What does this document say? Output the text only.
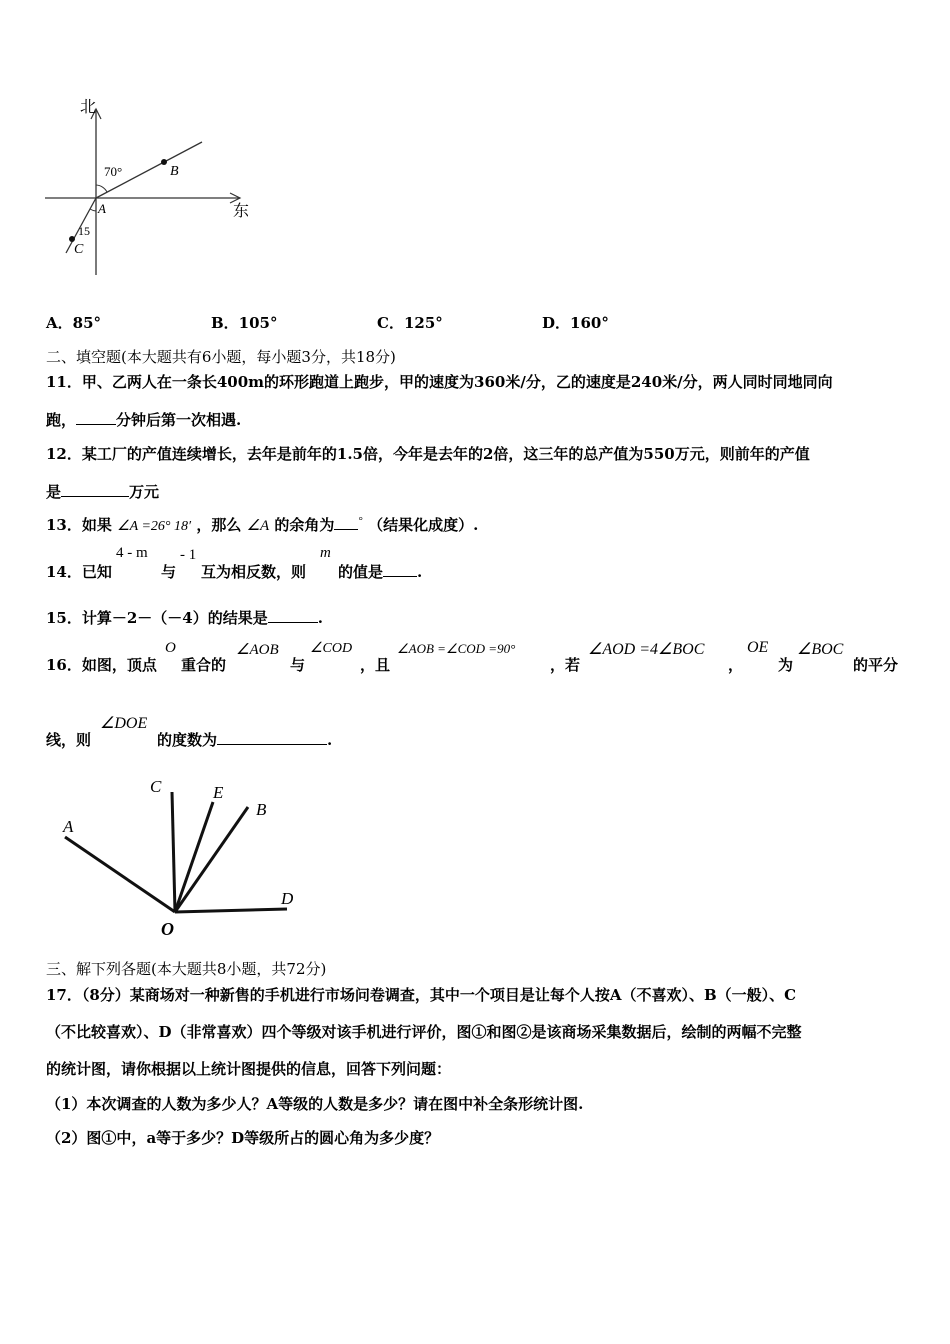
北
东
70°
15
A
B
C
A．85°	B．105°	C．125°	D．160°
二、填空题(本大题共有6小题，每小题3分，共18分)
11．甲、乙两人在一条长400m的环形跑道上跑步，甲的速度为360米/分，乙的速度是240米/分，两人同时同地同向
跑，	分钟后第一次相遇.
12．某工厂的产值连续增长，去年是前年的1.5倍，今年是去年的2倍，这三年的总产值为550万元，则前年的产值
是	万元
13．如果 ∠A =26° 18′ ，那么 ∠A 的余角为 ° （结果化成度）.
14．已知
4 - m
与
- 1
互为相反数，则
m
的值是 .
15．计算－2－（－4）的结果是	.
16．如图，顶点
O
重合的
∠AOB
与
∠COD
，且
∠AOB =∠COD =90°
，若
∠AOD =4∠BOC
，
OE
为
∠BOC
的平分
线，则
∠DOE
的度数为	.
A
C	E
B
D
O
三、解下列各题(本大题共8小题，共72分)
17．（8分）某商场对一种新售的手机进行市场问卷调查，其中一个项目是让每个人按A（不喜欢）、B（一般）、C
（不比较喜欢）、D（非常喜欢）四个等级对该手机进行评价，图①和图②是该商场采集数据后，绘制的两幅不完整
的统计图，请你根据以上统计图提供的信息，回答下列问题：
（1）本次调查的人数为多少人？A等级的人数是多少？请在图中补全条形统计图.
（2）图①中，a等于多少？D等级所占的圆心角为多少度？
